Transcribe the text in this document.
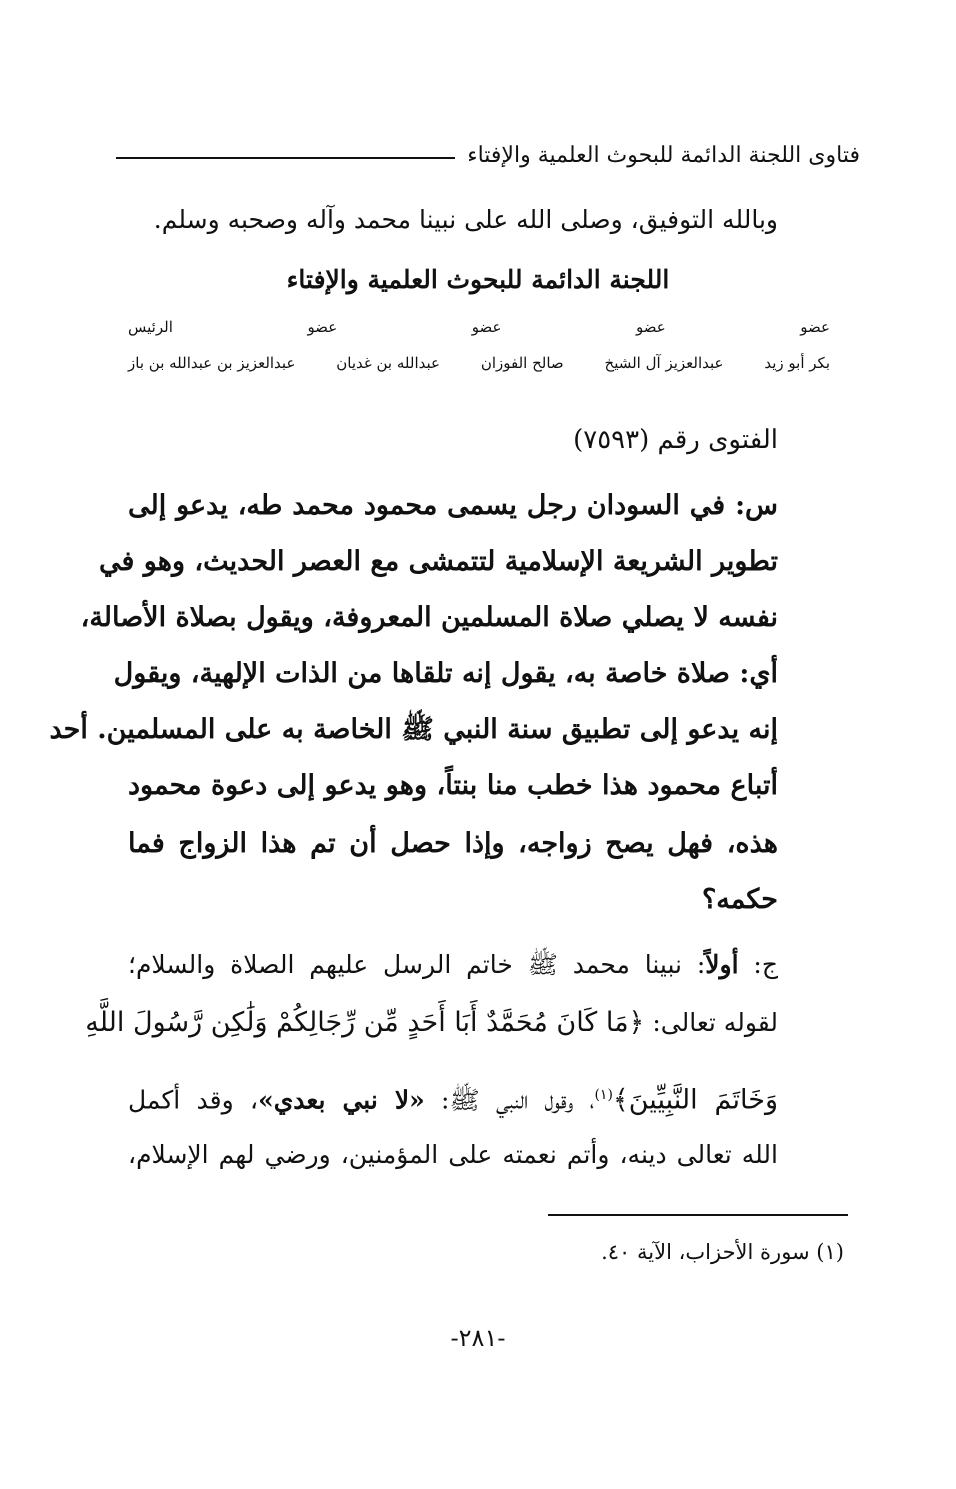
فتاوى اللجنة الدائمة للبحوث العلمية والإفتاء
وبالله التوفيق، وصلى الله على نبينا محمد وآله وصحبه وسلم.
اللجنة الدائمة للبحوث العلمية والإفتاء
عضو
عضو
عضو
عضو
الرئيس
بكر أبو زيد
عبدالعزيز آل الشيخ
صالح الفوزان
عبدالله بن غديان
عبدالعزيز بن عبدالله بن باز
الفتوى رقم (٧٥٩٣)
س: في السودان رجل يسمى محمود محمد طه، يدعو إلى
تطوير الشريعة الإسلامية لتتمشى مع العصر الحديث، وهو في
نفسه لا يصلي صلاة المسلمين المعروفة، ويقول بصلاة الأصالة،
أي: صلاة خاصة به، يقول إنه تلقاها من الذات الإلهية، ويقول
إنه يدعو إلى تطبيق سنة النبي ﷺ الخاصة به على المسلمين. أحد
أتباع محمود هذا خطب منا بنتاً، وهو يدعو إلى دعوة محمود
هذه، فهل يصح زواجه، وإذا حصل أن تم هذا الزواج فما
حكمه؟
ج: أولاً: نبينا محمد ﷺ خاتم الرسل عليهم الصلاة والسلام؛
لقوله تعالى: ﴿مَا كَانَ مُحَمَّدٌ أَبَا أَحَدٍ مِّن رِّجَالِكُمْ وَلَٰكِن رَّسُولَ اللَّهِ
وَخَاتَمَ النَّبِيِّينَ﴾$^{(١)}$، وقول النبي ﷺ: «لا نبي بعدي»، وقد أكمل
الله تعالى دينه، وأتم نعمته على المؤمنين، ورضي لهم الإسلام،
(١) سورة الأحزاب، الآية ٤٠.
-٢٨١-
